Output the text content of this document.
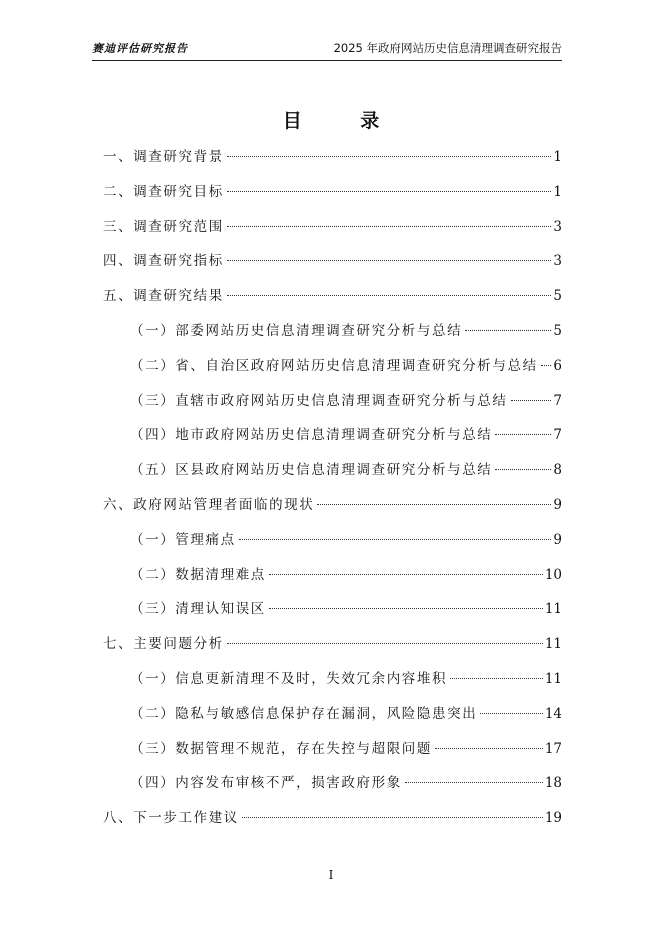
赛迪评估研究报告	2025 年政府网站历史信息清理调查研究报告
目 录
一、调查研究背景	1
二、调查研究目标	1
三、调查研究范围	3
四、调查研究指标	3
五、调查研究结果	5
（一）部委网站历史信息清理调查研究分析与总结	5
（二）省、自治区政府网站历史信息清理调查研究分析与总结 6
（三）直辖市政府网站历史信息清理调查研究分析与总结	7
（四）地市政府网站历史信息清理调查研究分析与总结	7
（五）区县政府网站历史信息清理调查研究分析与总结	8
六、政府网站管理者面临的现状	9
（一）管理痛点	9
（二）数据清理难点	10
（三）清理认知误区	11
七、主要问题分析	11
（一）信息更新清理不及时，失效冗余内容堆积	11
（二）隐私与敏感信息保护存在漏洞，风险隐患突出	14
（三）数据管理不规范，存在失控与超限问题	17
（四）内容发布审核不严，损害政府形象	18
八、下一步工作建议	19
I
